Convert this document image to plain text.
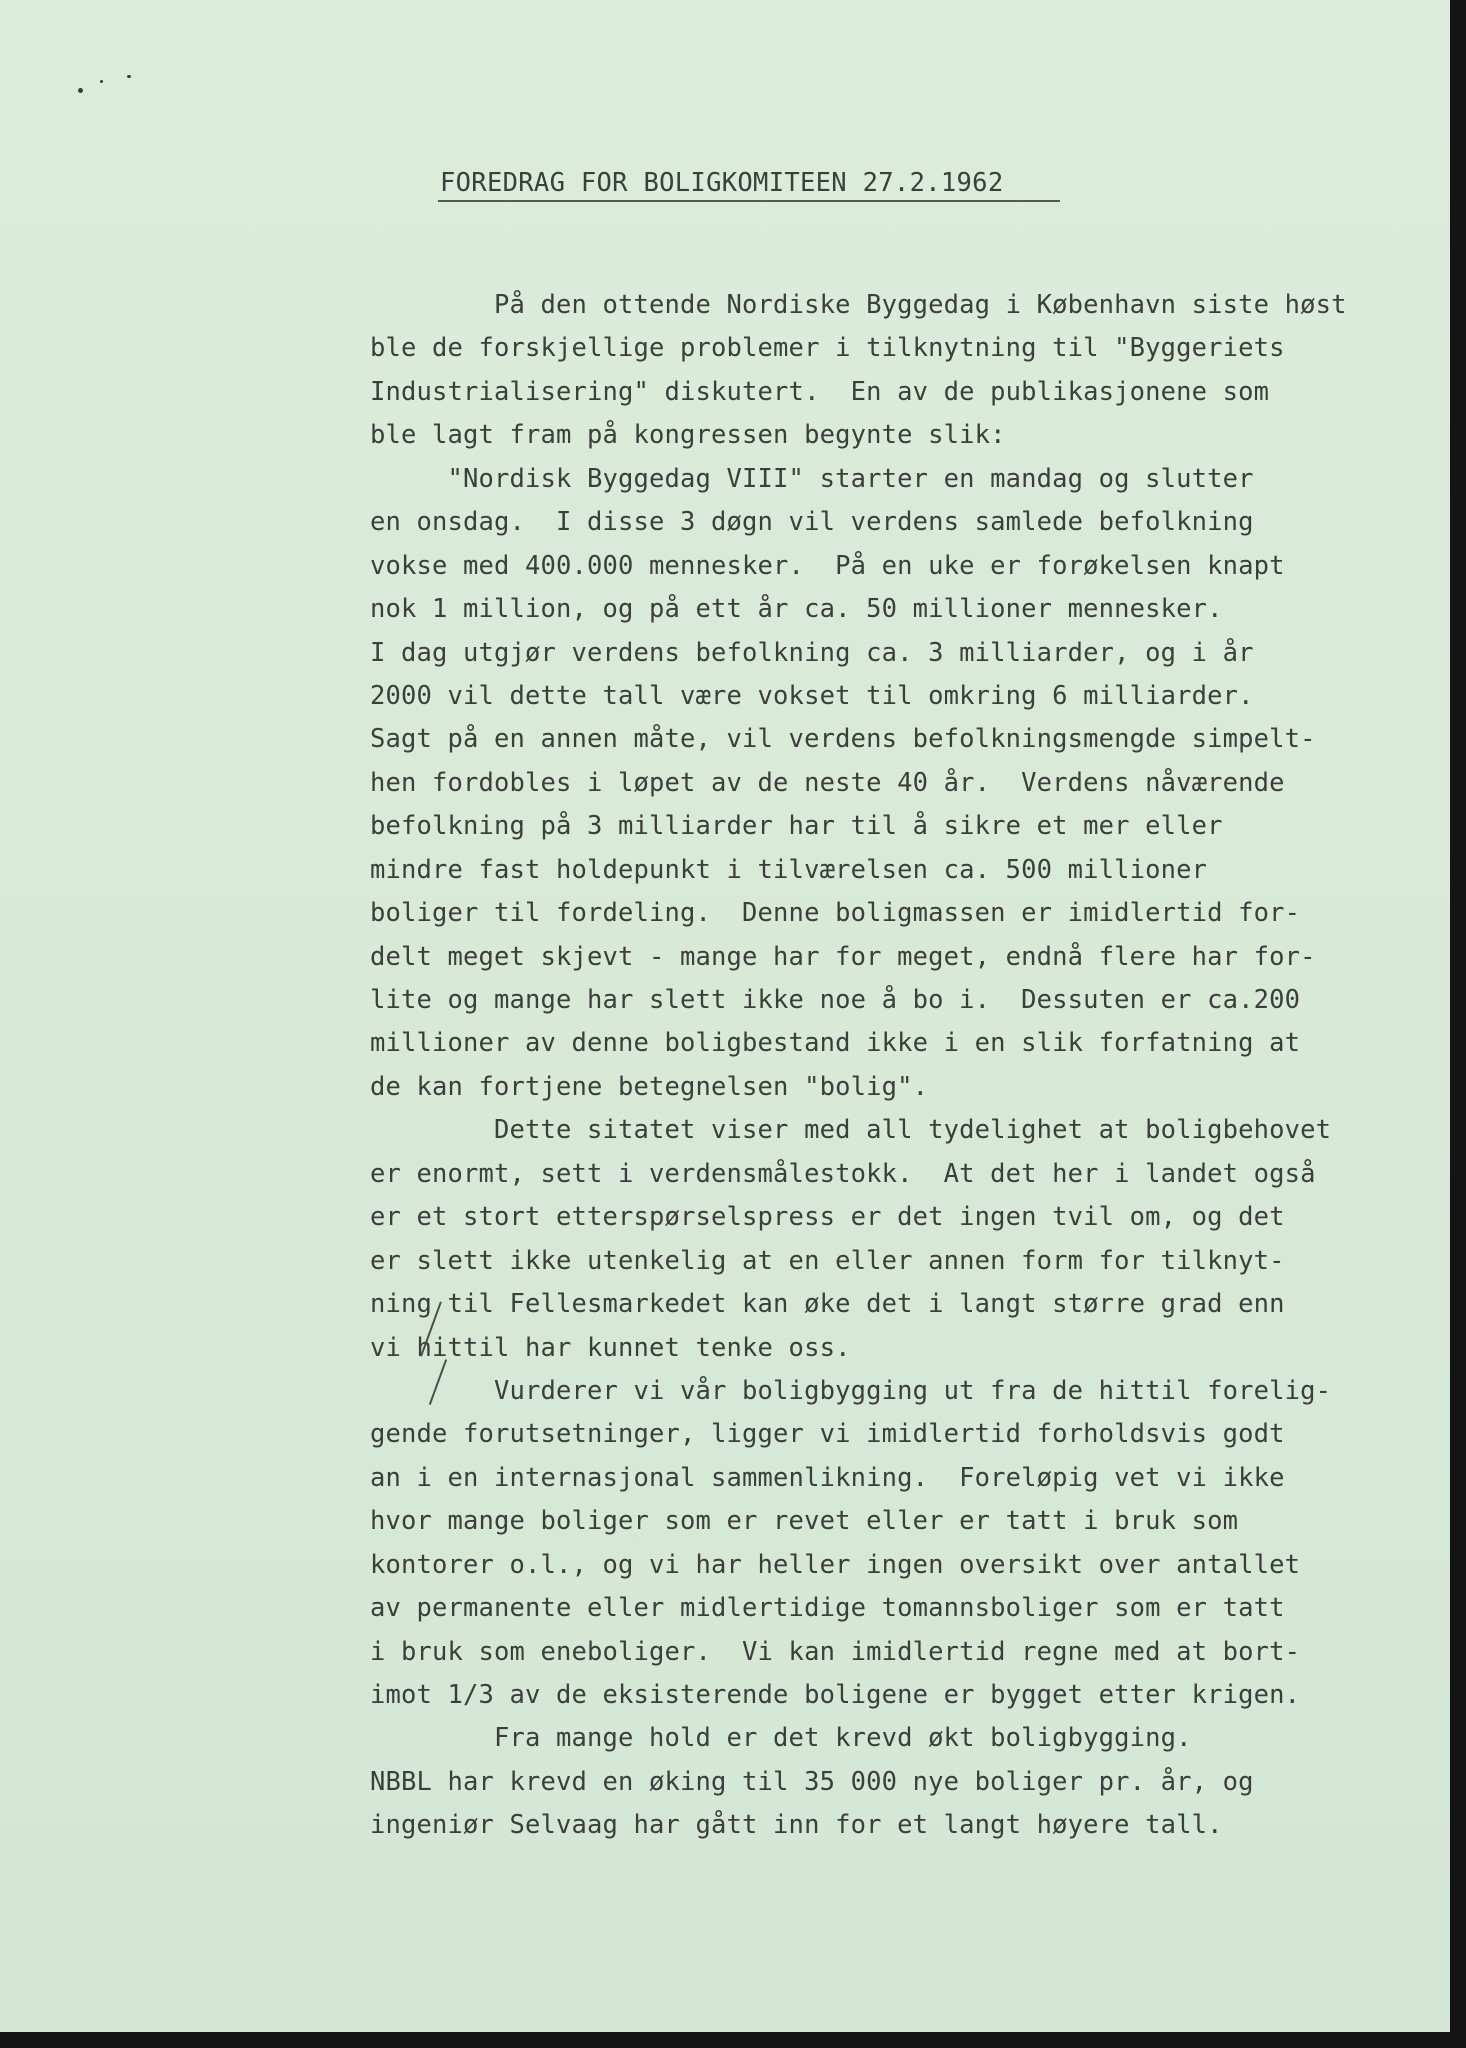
FOREDRAG FOR BOLIGKOMITEEN 27.2.1962
På den ottende Nordiske Byggedag i København siste høst
ble de forskjellige problemer i tilknytning til "Byggeriets
Industrialisering" diskutert.  En av de publikasjonene som
ble lagt fram på kongressen begynte slik:
"Nordisk Byggedag VIII" starter en mandag og slutter
en onsdag.  I disse 3 døgn vil verdens samlede befolkning
vokse med 400.000 mennesker.  På en uke er forøkelsen knapt
nok 1 million, og på ett år ca. 50 millioner mennesker.
I dag utgjør verdens befolkning ca. 3 milliarder, og i år
2000 vil dette tall være vokset til omkring 6 milliarder.
Sagt på en annen måte, vil verdens befolkningsmengde simpelt-
hen fordobles i løpet av de neste 40 år.  Verdens nåværende
befolkning på 3 milliarder har til å sikre et mer eller
mindre fast holdepunkt i tilværelsen ca. 500 millioner
boliger til fordeling.  Denne boligmassen er imidlertid for-
delt meget skjevt - mange har for meget, endnå flere har for-
lite og mange har slett ikke noe å bo i.  Dessuten er ca.200
millioner av denne boligbestand ikke i en slik forfatning at
de kan fortjene betegnelsen "bolig".
Dette sitatet viser med all tydelighet at boligbehovet
er enormt, sett i verdensmålestokk.  At det her i landet også
er et stort etterspørselspress er det ingen tvil om, og det
er slett ikke utenkelig at en eller annen form for tilknyt-
ning til Fellesmarkedet kan øke det i langt større grad enn
vi hittil har kunnet tenke oss.
Vurderer vi vår boligbygging ut fra de hittil forelig-
gende forutsetninger, ligger vi imidlertid forholdsvis godt
an i en internasjonal sammenlikning.  Foreløpig vet vi ikke
hvor mange boliger som er revet eller er tatt i bruk som
kontorer o.l., og vi har heller ingen oversikt over antallet
av permanente eller midlertidige tomannsboliger som er tatt
i bruk som eneboliger.  Vi kan imidlertid regne med at bort-
imot 1/3 av de eksisterende boligene er bygget etter krigen.
Fra mange hold er det krevd økt boligbygging.
NBBL har krevd en øking til 35 000 nye boliger pr. år, og
ingeniør Selvaag har gått inn for et langt høyere tall.
